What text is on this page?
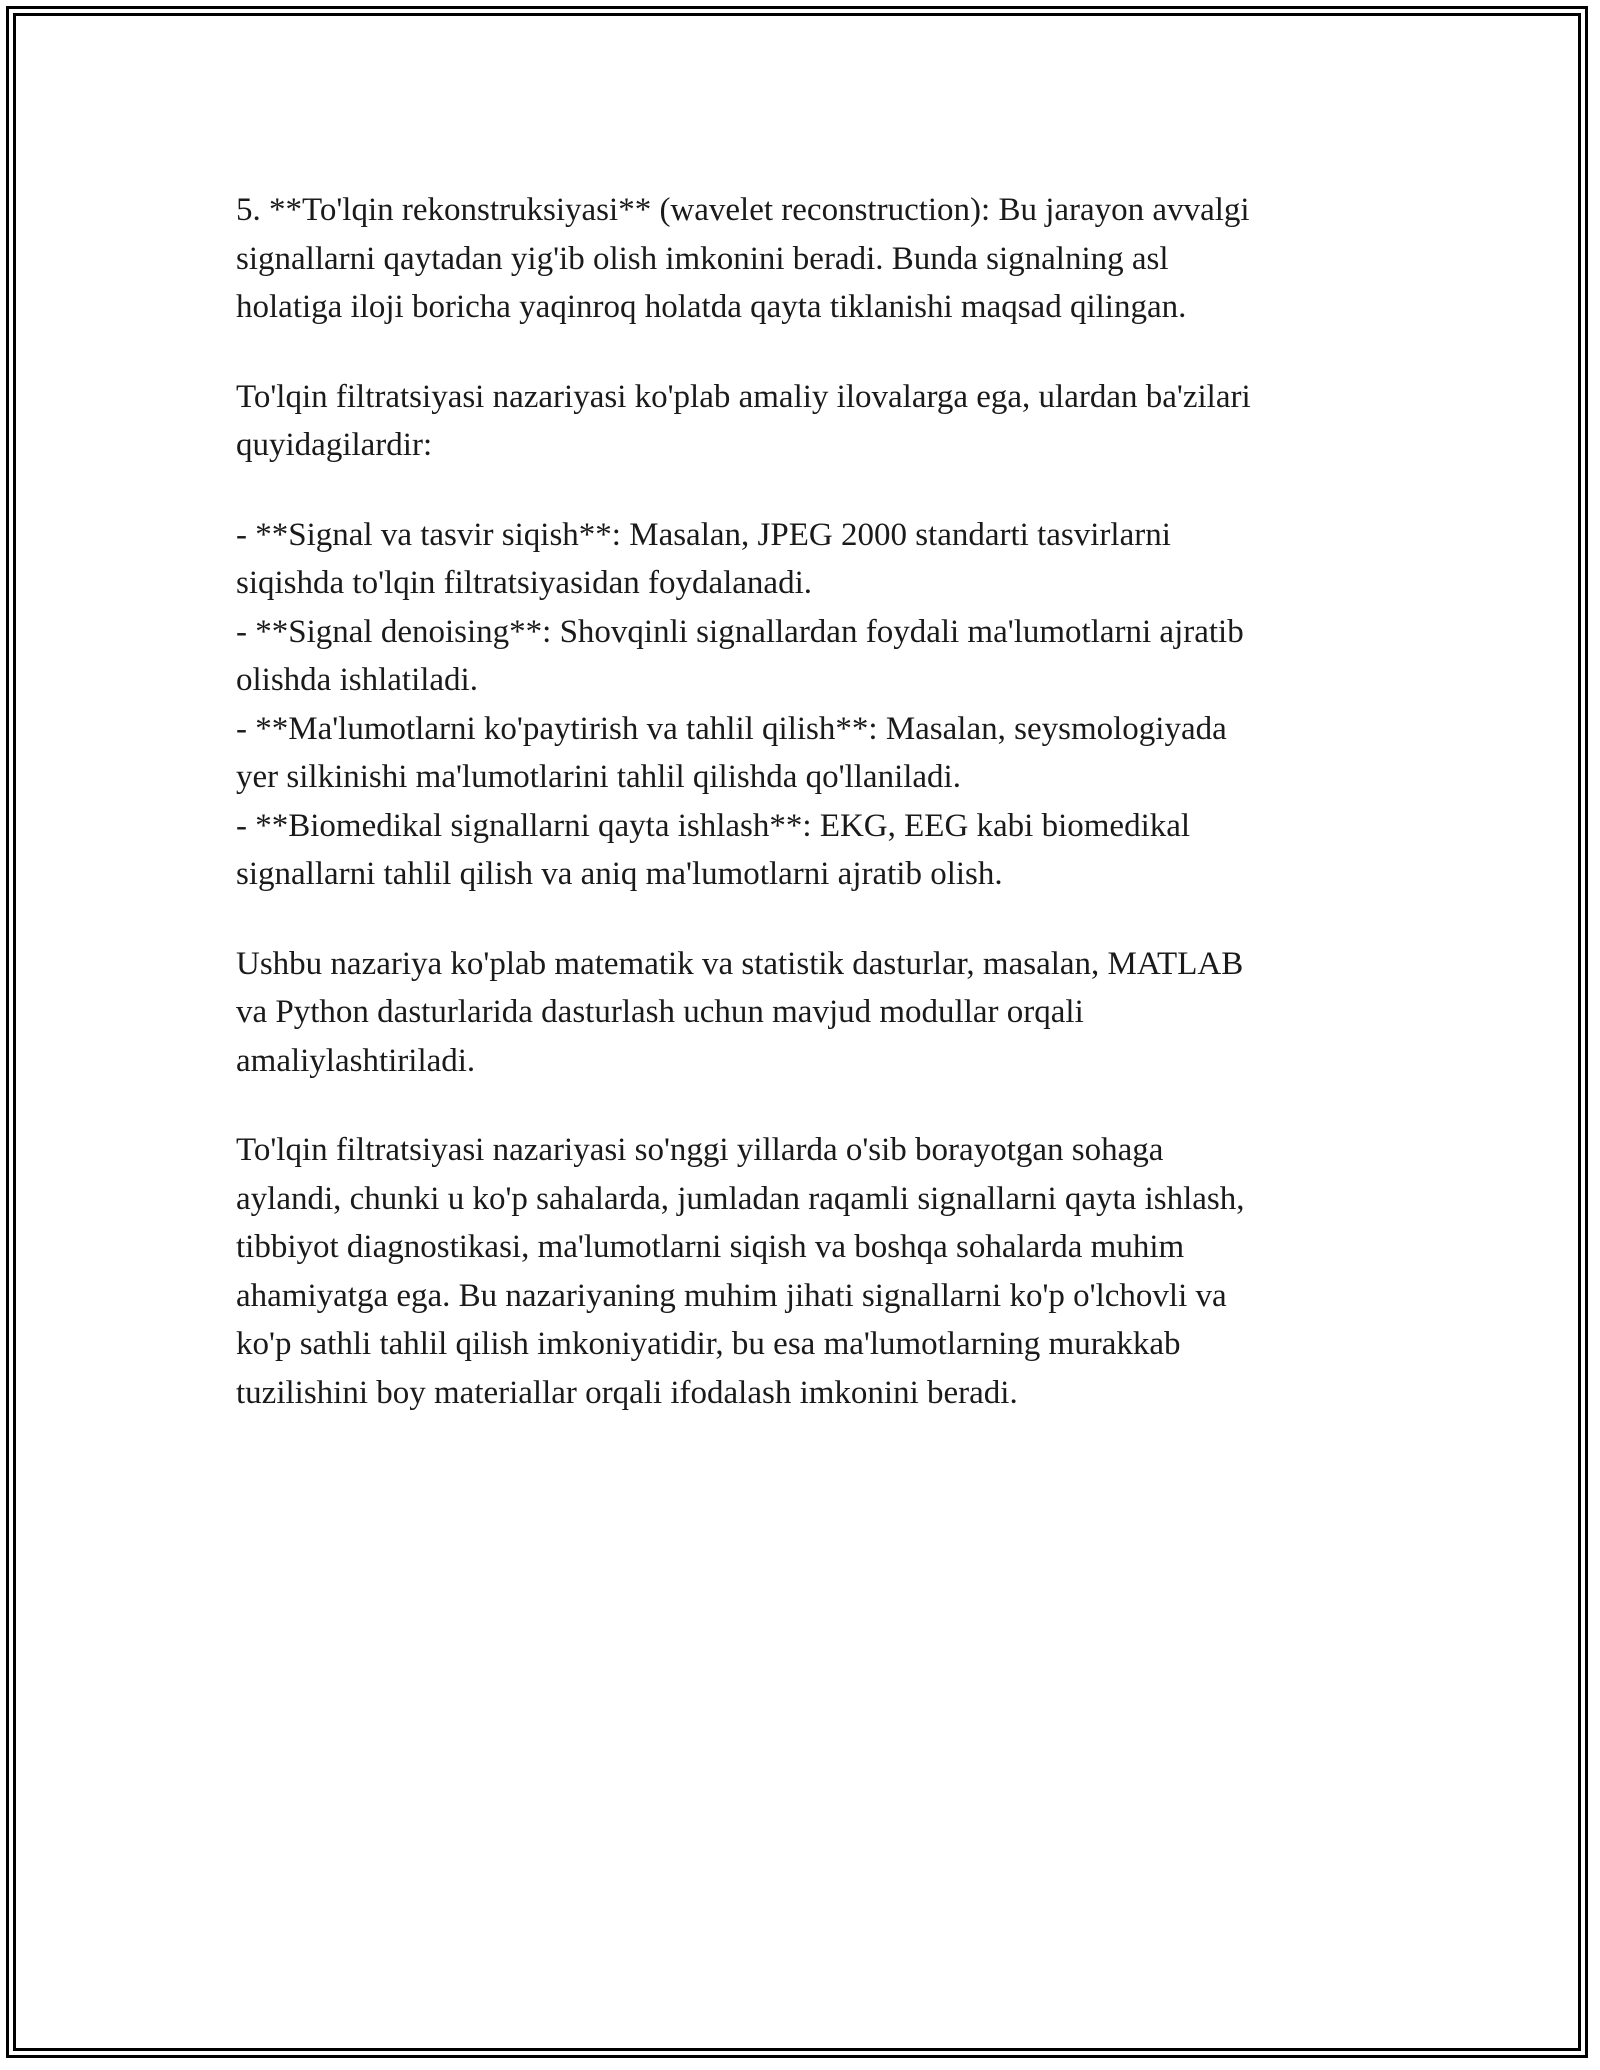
5. **To'lqin rekonstruksiyasi** (wavelet reconstruction): Bu jarayon avvalgi
signallarni qaytadan yig'ib olish imkonini beradi. Bunda signalning asl
holatiga iloji boricha yaqinroq holatda qayta tiklanishi maqsad qilingan.

To'lqin filtratsiyasi nazariyasi ko'plab amaliy ilovalarga ega, ulardan ba'zilari
quyidagilardir:

- **Signal va tasvir siqish**: Masalan, JPEG 2000 standarti tasvirlarni
siqishda to'lqin filtratsiyasidan foydalanadi.
- **Signal denoising**: Shovqinli signallardan foydali ma'lumotlarni ajratib
olishda ishlatiladi.
- **Ma'lumotlarni ko'paytirish va tahlil qilish**: Masalan, seysmologiyada
yer silkinishi ma'lumotlarini tahlil qilishda qo'llaniladi.
- **Biomedikal signallarni qayta ishlash**: EKG, EEG kabi biomedikal
signallarni tahlil qilish va aniq ma'lumotlarni ajratib olish.

Ushbu nazariya ko'plab matematik va statistik dasturlar, masalan, MATLAB
va Python dasturlarida dasturlash uchun mavjud modullar orqali
amaliylashtiriladi.

To'lqin filtratsiyasi nazariyasi so'nggi yillarda o'sib borayotgan sohaga
aylandi, chunki u ko'p sahalarda, jumladan raqamli signallarni qayta ishlash,
tibbiyot diagnostikasi, ma'lumotlarni siqish va boshqa sohalarda muhim
ahamiyatga ega. Bu nazariyaning muhim jihati signallarni ko'p o'lchovli va
ko'p sathli tahlil qilish imkoniyatidir, bu esa ma'lumotlarning murakkab
tuzilishini boy materiallar orqali ifodalash imkonini beradi.
